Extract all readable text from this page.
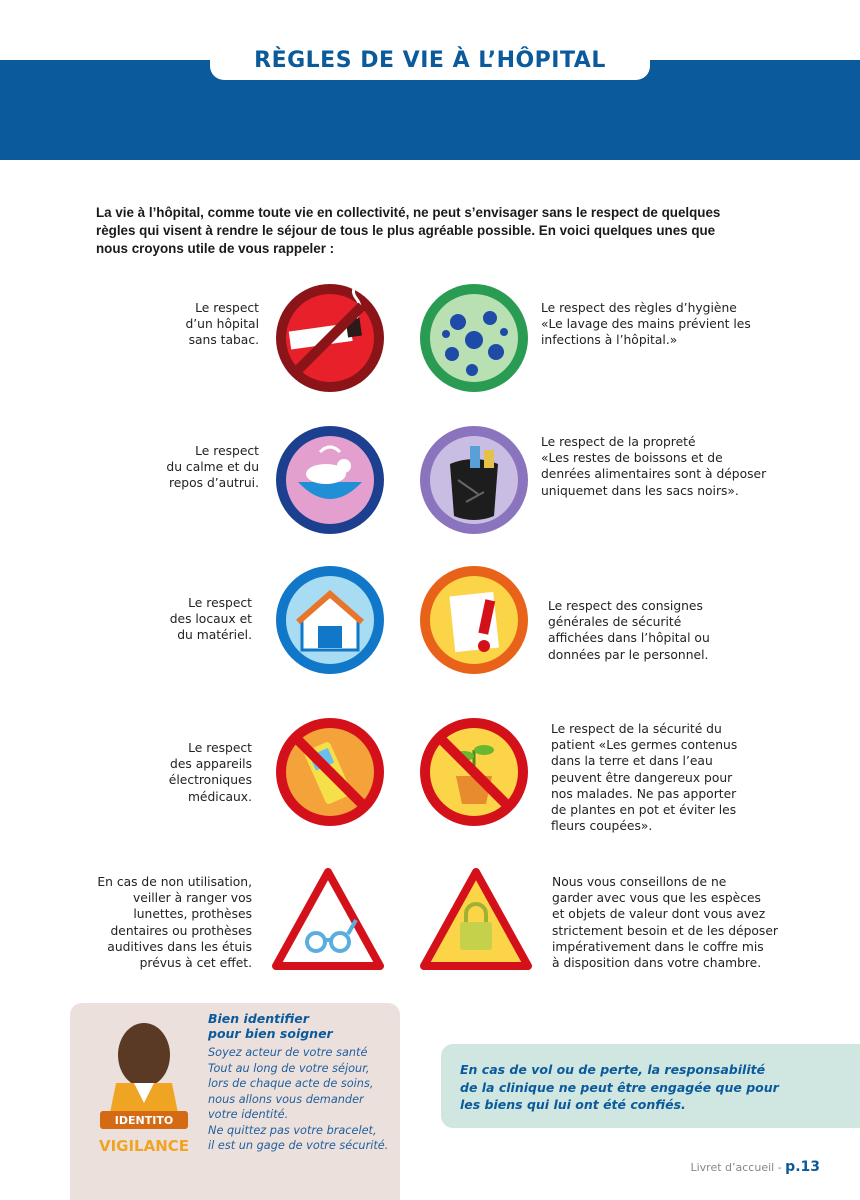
RÈGLES DE VIE À L’HÔPITAL
La vie à l’hôpital, comme toute vie en collectivité, ne peut s’envisager sans le respect de quelques règles qui visent à rendre le séjour de tous le plus agréable possible. En voici quelques unes que nous croyons utile de vous rappeler :
Le respect
d’un hôpital
sans tabac.
Le respect des règles d’hygiène
«Le lavage des mains prévient les
infections à l’hôpital.»
Le respect
du calme et du
repos d’autrui.
Le respect de la propreté
«Les restes de boissons et de
denrées alimentaires sont à déposer
uniquemet dans les sacs noirs».
Le respect
des locaux et
du matériel.
Le respect des consignes
générales de sécurité
affichées dans l’hôpital ou
données par le personnel.
Le respect
des appareils
électroniques
médicaux.
Le respect de la sécurité du
patient «Les germes contenus
dans la terre et dans l’eau
peuvent être dangereux pour
nos malades. Ne pas apporter
de plantes en pot et éviter les
fleurs coupées».
En cas de non utilisation,
veiller à ranger vos
lunettes, prothèses
dentaires ou prothèses
auditives dans les étuis
prévus à cet effet.
Nous vous conseillons de ne
garder avec vous que les espèces
et objets de valeur dont vous avez
strictement besoin et de les déposer
impérativement dans le coffre mis
à disposition dans votre chambre.
IDENTITO
VIGILANCE
Bien identifier
pour bien soigner
Soyez acteur de votre santé
Tout au long de votre séjour,
lors de chaque acte de soins,
nous allons vous demander
votre identité.
Ne quittez pas votre bracelet,
il est un gage de votre sécurité.
En cas de vol ou de perte, la responsabilité
de la clinique ne peut être engagée que pour
les biens qui lui ont été confiés.
Livret d’accueil - p.13
